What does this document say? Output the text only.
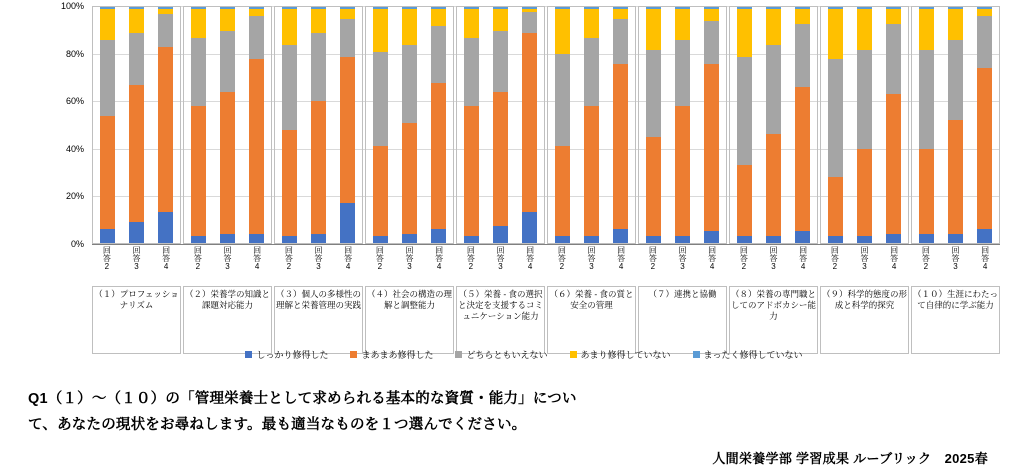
0%
20%
40%
60%
80%
100%
回答2	回答3	回答4	回答2	回答3	回答4	回答2	回答3	回答4	回答2	回答3	回答4	回答2	回答3	回答4	回答2	回答3	回答4	回答2	回答3	回答4	回答2	回答3	回答4	回答2	回答3	回答4	回答2	回答3	回答4
（１）プロフェッショナリズム
（２）栄養学の知識と課題対応能力
（３）個人の多様性の理解と栄養管理の実践
（４）社会の構造の理解と調整能力
（５）栄養 - 食の選択と決定を支援するコミュニケーション能力
（６）栄養 - 食の質と安全の管理
（７）連携と協働	（８）栄養の専門職としてのアドボカシー能力
（９）科学的態度の形成と科学的探究
（１０）生涯にわたって自律的に学ぶ能力
しっかり修得した	まあまあ修得した	どちらともいえない	あまり修得していない	まったく修得していない
Q1（１）〜（１０）の「管理栄養士として求められる基本的な資質・能力」につい
て、あなたの現状をお尋ねします。最も適当なものを１つ選んでください。
人間栄養学部 学習成果 ルーブリック　2025春
